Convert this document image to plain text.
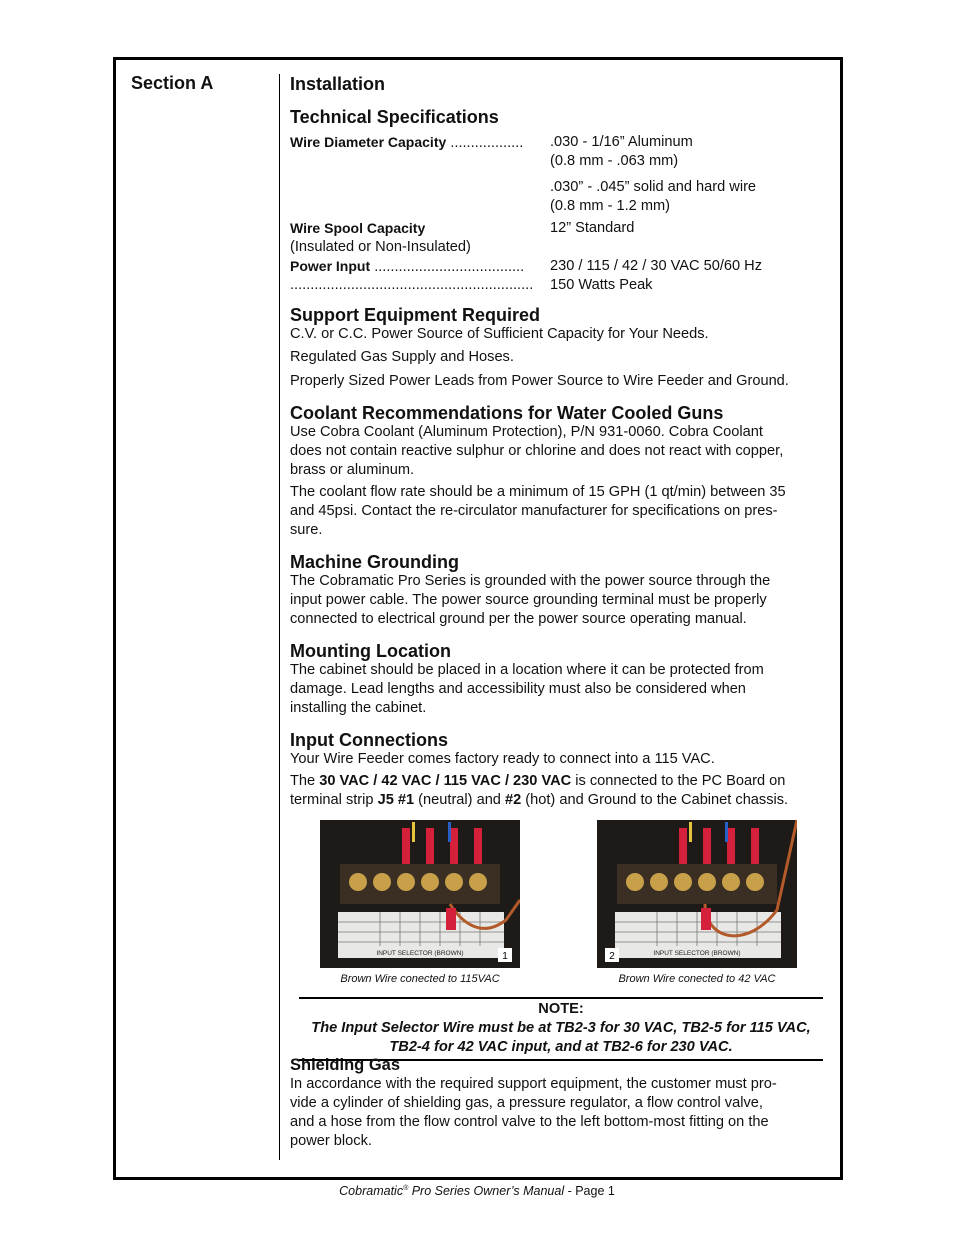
Section A	Installation
Technical Specifications
Wire Diameter Capacity .................. .030 - 1/16” Aluminum
(0.8 mm - .063 mm)
.030” - .045” solid and hard wire
(0.8 mm - 1.2 mm)
Wire Spool Capacity	12” Standard
(Insulated or Non-Insulated)
Power Input ..................................... 230 / 115 / 42 / 30 VAC 50/60 Hz
............................................................ 150 Watts Peak
Support Equipment Required

C.V. or C.C. Power Source of Sufficient Capacity for Your Needs.

Regulated Gas Supply and Hoses.

Properly Sized Power Leads from Power Source to Wire Feeder and Ground.

Coolant Recommendations for Water Cooled Guns

Use Cobra Coolant (Aluminum Protection), P/N 931-0060. Cobra Coolant
does not contain reactive sulphur or chlorine and does not react with copper,
brass or aluminum.

The coolant flow rate should be a minimum of 15 GPH (1 qt/min) between 35
and 45psi. Contact the re-circulator manufacturer for specifications on pres-
sure.

Machine Grounding

The Cobramatic Pro Series is grounded with the power source through the
input power cable. The power source grounding terminal must be properly
connected to electrical ground per the power source operating manual.

Mounting Location

The cabinet should be placed in a location where it can be protected from
damage. Lead lengths and accessibility must also be considered when
installing the cabinet.

Input Connections

Your Wire Feeder comes factory ready to connect into a 115 VAC.

The 30 VAC / 42 VAC / 115 VAC / 230 VAC is connected to the PC Board on
terminal strip J5 #1 (neutral) and #2 (hot) and Ground to the Cabinet chassis.

INPUT SELECTOR (BROWN)	1
Brown Wire conected to 115VAC
INPUT SELECTOR (BROWN)
2
Brown Wire conected to 42 VAC
NOTE:
The Input Selector Wire must be at TB2-3 for 30 VAC, TB2-5 for 115 VAC,
TB2-4 for 42 VAC input, and at TB2-6 for 230 VAC.
Shielding Gas

In accordance with the required support equipment, the customer must pro-
vide a cylinder of shielding gas, a pressure regulator, a flow control valve,
and a hose from the flow control valve to the left bottom-most fitting on the
power block.

Cobramatic® Pro Series Owner’s Manual - Page 1
